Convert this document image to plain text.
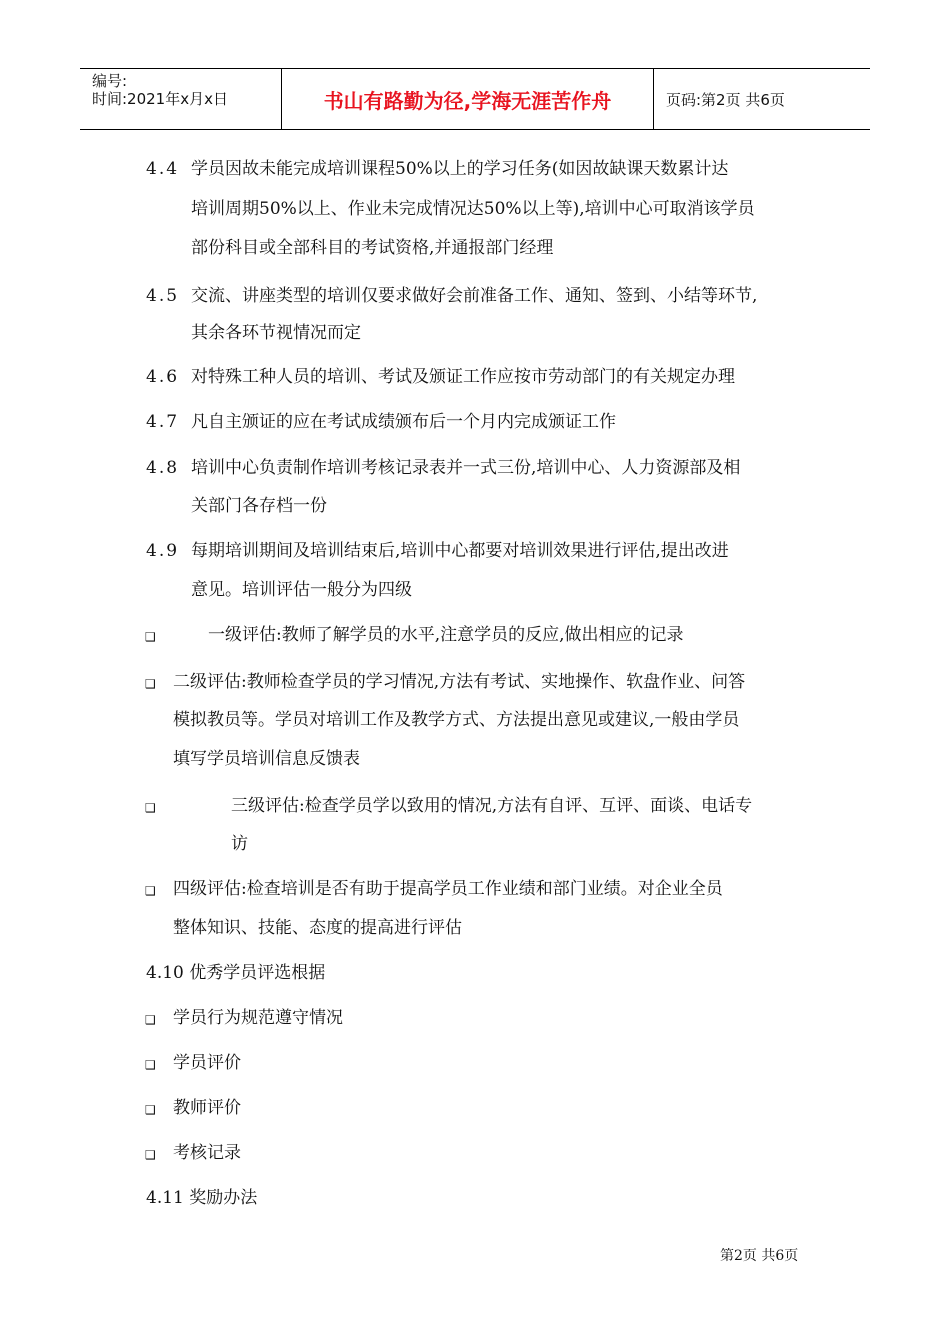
编号:
时间:2021年x月x日	书山有路勤为径,学海无涯苦作舟	页码:第2页 共6页
4.4 学员因故未能完成培训课程50%以上的学习任务(如因故缺课天数累计达
培训周期50%以上、作业未完成情况达50%以上等),培训中心可取消该学员
部份科目或全部科目的考试资格,并通报部门经理
4.5 交流、讲座类型的培训仅要求做好会前准备工作、通知、签到、小结等环节,
其余各环节视情况而定
4.6 对特殊工种人员的培训、考试及颁证工作应按市劳动部门的有关规定办理
4.7 凡自主颁证的应在考试成绩颁布后一个月内完成颁证工作
4.8 培训中心负责制作培训考核记录表并一式三份,培训中心、人力资源部及相
关部门各存档一份
4.9 每期培训期间及培训结束后,培训中心都要对培训效果进行评估,提出改进
意见。培训评估一般分为四级
❑	一级评估:教师了解学员的水平,注意学员的反应,做出相应的记录
❑ 二级评估:教师检查学员的学习情况,方法有考试、实地操作、软盘作业、问答
模拟教员等。学员对培训工作及教学方式、方法提出意见或建议,一般由学员
填写学员培训信息反馈表
❑	三级评估:检查学员学以致用的情况,方法有自评、互评、面谈、电话专
访
❑ 四级评估:检查培训是否有助于提高学员工作业绩和部门业绩。对企业全员
整体知识、技能、态度的提高进行评估
4.10 优秀学员评选根据
❑ 学员行为规范遵守情况
❑ 学员评价
❑ 教师评价
❑ 考核记录
4.11 奖励办法
第2页 共6页
